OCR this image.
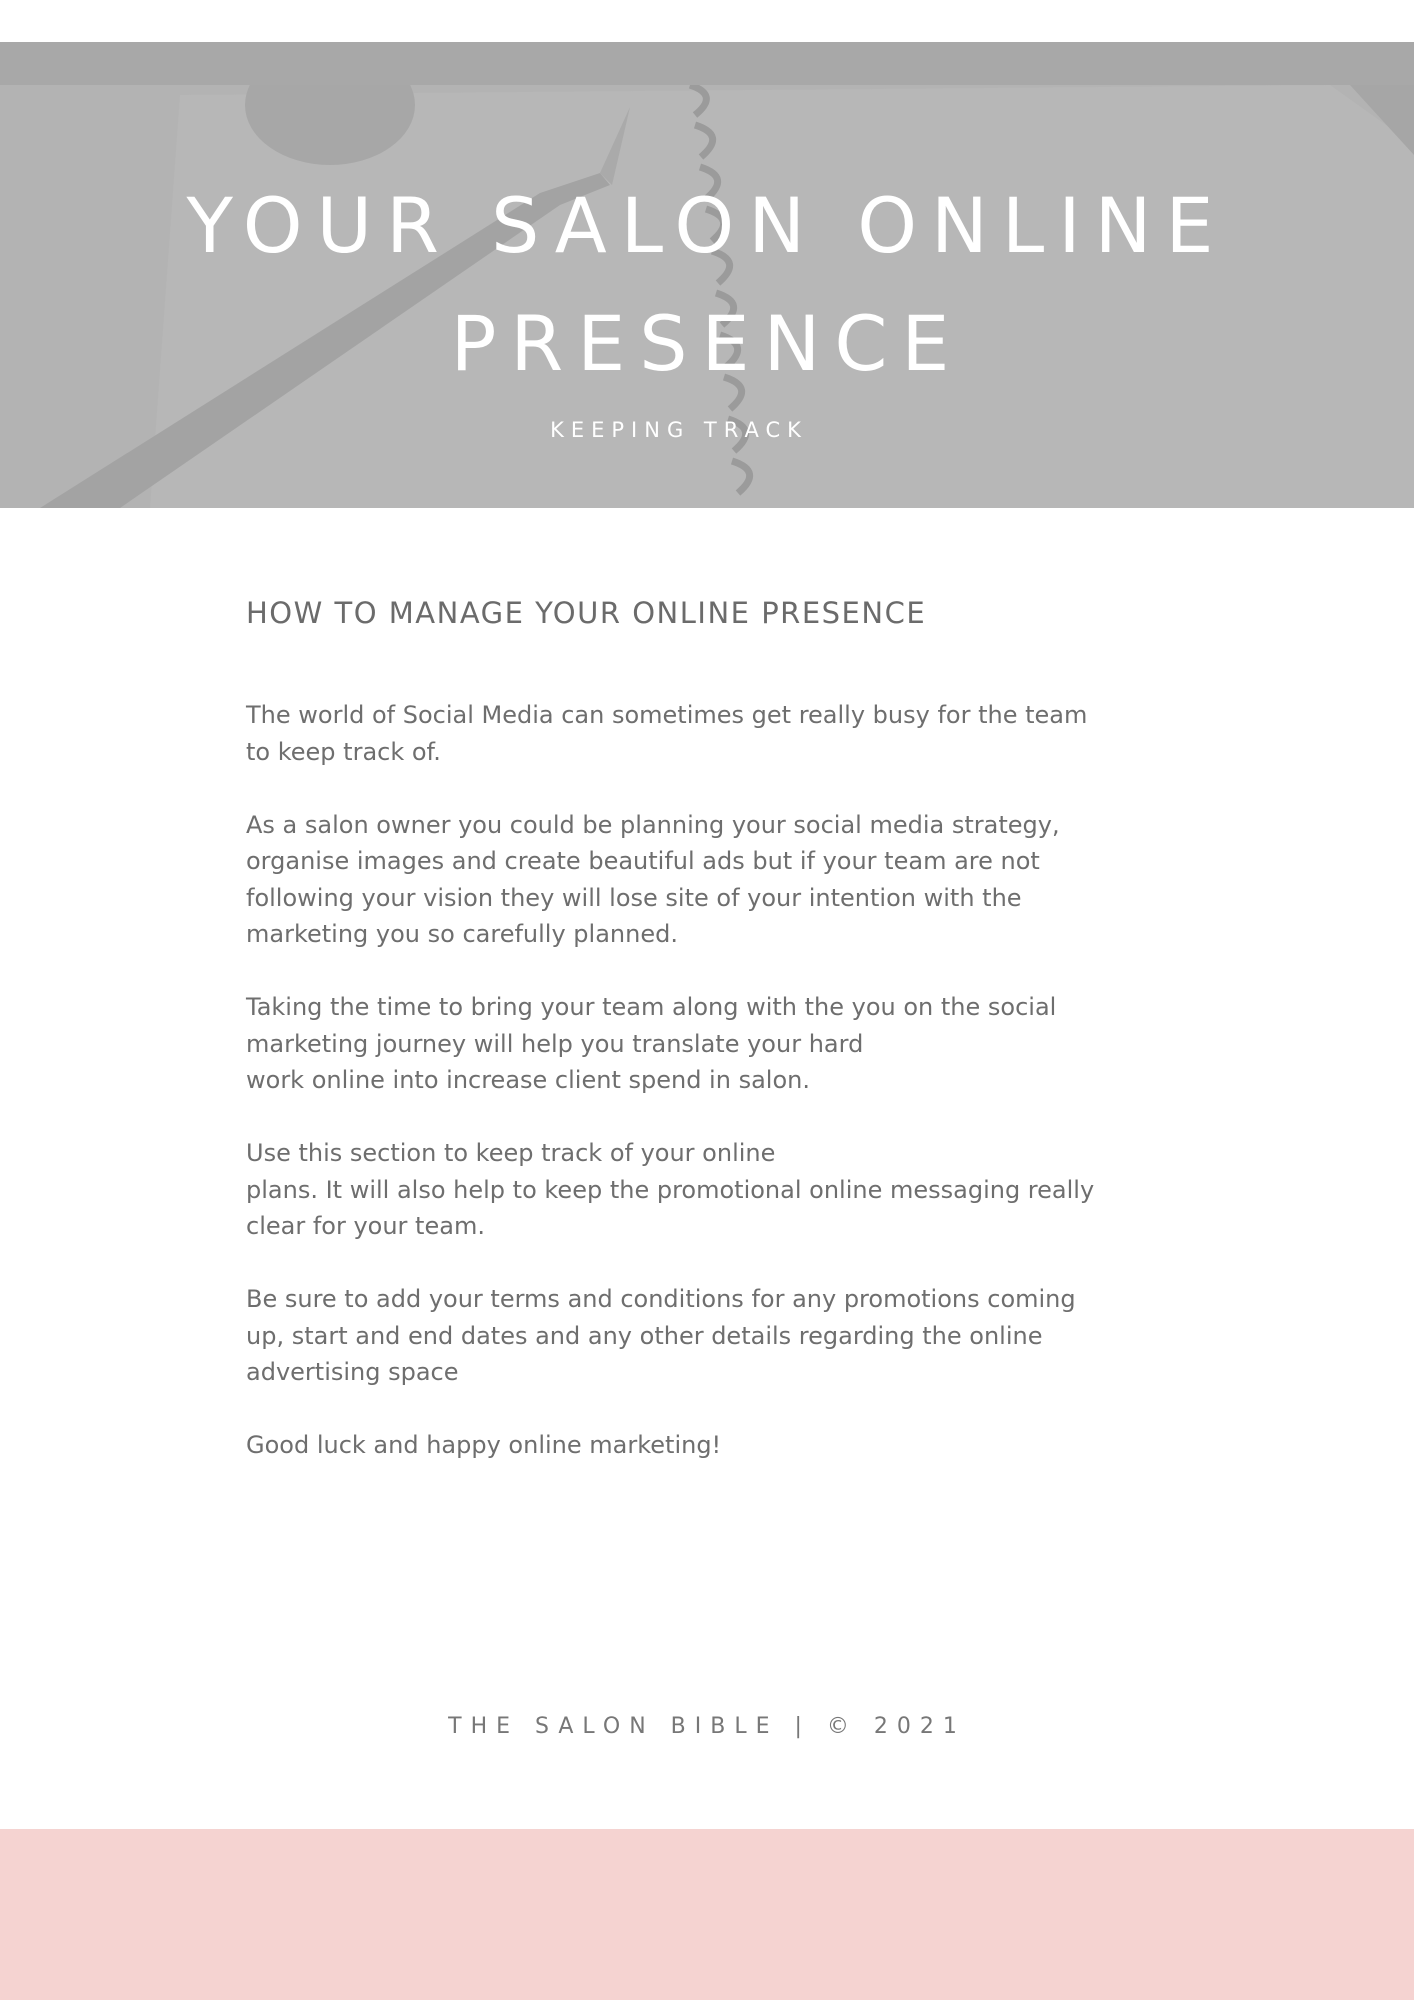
YOUR SALON ONLINE
PRESENCE
KEEPING TRACK
HOW TO MANAGE YOUR ONLINE PRESENCE

The world of Social Media can sometimes get really busy for the team
to keep track of.

As a salon owner you could be planning your social media strategy,
organise images and create beautiful ads but if your team are not
following your vision they will lose site of your intention with the
marketing you so carefully planned.

Taking the time to bring your team along with the you on the social
marketing journey will help you translate your hard
work online into increase client spend in salon.

Use this section to keep track of your online
plans. It will also help to keep the promotional online messaging really
clear for your team.

Be sure to add your terms and conditions for any promotions coming
up, start and end dates and any other details regarding the online
advertising space

Good luck and happy online marketing!

THE SALON BIBLE | © 2021
